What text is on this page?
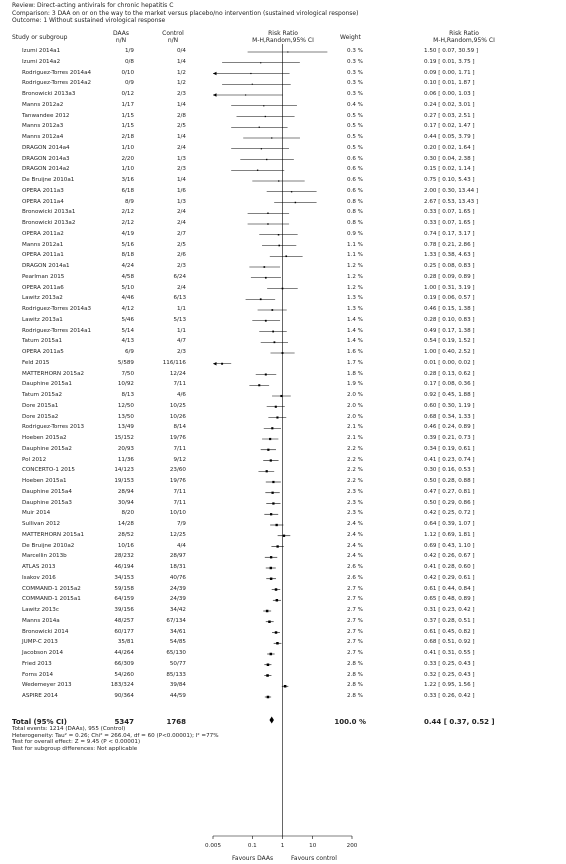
Review: Direct-acting antivirals for chronic hepatitis C
Comparison: 3 DAA on or on the way to the market versus placebo/no intervention (sustained virological response)
Outcome: 1 Without sustained virological response
Study or subgroup
DAAs
n/N
Control
n/N
Risk Ratio
M-H,Random,95% CI	Weight
Risk Ratio
M-H,Random,95% CI
Izumi 2014a1	1/9	0/4	0.3 %	1.50 [ 0.07, 30.59 ]
Izumi 2014a2	0/8	1/4	0.3 %	0.19 [ 0.01, 3.75 ]
Rodriguez-Torres 2014a4	0/10	1/2	0.3 %	0.09 [ 0.00, 1.71 ]
Rodriguez-Torres 2014a2	0/9	1/2	0.3 %	0.10 [ 0.01, 1.87 ]
Bronowicki 2013a3	0/12	2/3	0.3 %	0.06 [ 0.00, 1.03 ]
Manns 2012a2	1/17	1/4	0.4 %	0.24 [ 0.02, 3.01 ]
Tanwandee 2012	1/15	2/8	0.5 %	0.27 [ 0.03, 2.51 ]
Manns 2012a3	1/15	2/5	0.5 %	0.17 [ 0.02, 1.47 ]
Manns 2012a4	2/18	1/4	0.5 %	0.44 [ 0.05, 3.79 ]
DRAGON 2014a4	1/10	2/4	0.5 %	0.20 [ 0.02, 1.64 ]
DRAGON 2014a3	2/20	1/3	0.6 %	0.30 [ 0.04, 2.38 ]
DRAGON 2014a2	1/10	2/3	0.6 %	0.15 [ 0.02, 1.14 ]
De Bruijne 2010a1	3/16	1/4	0.6 %	0.75 [ 0.10, 5.43 ]
OPERA 2011a3	6/18	1/6	0.6 %	2.00 [ 0.30, 13.44 ]
OPERA 2011a4	8/9	1/3	0.8 %	2.67 [ 0.53, 13.43 ]
Bronowicki 2013a1	2/12	2/4	0.8 %	0.33 [ 0.07, 1.65 ]
Bronowicki 2013a2	2/12	2/4	0.8 %	0.33 [ 0.07, 1.65 ]
OPERA 2011a2	4/19	2/7	0.9 %	0.74 [ 0.17, 3.17 ]
Manns 2012a1	5/16	2/5	1.1 %	0.78 [ 0.21, 2.86 ]
OPERA 2011a1	8/18	2/6	1.1 %	1.33 [ 0.38, 4.63 ]
DRAGON 2014a1	4/24	2/3	1.2 %	0.25 [ 0.08, 0.83 ]
Pearlman 2015	4/58	6/24	1.2 %	0.28 [ 0.09, 0.89 ]
OPERA 2011a6	5/10	2/4	1.2 %	1.00 [ 0.31, 3.19 ]
Lawitz 2013a2	4/46	6/13	1.3 %	0.19 [ 0.06, 0.57 ]
Rodriguez-Torres 2014a3	4/12	1/1	1.3 %	0.46 [ 0.15, 1.38 ]
Lawitz 2013a1	5/46	5/13	1.4 %	0.28 [ 0.10, 0.83 ]
Rodriguez-Torres 2014a1	5/14	1/1	1.4 %	0.49 [ 0.17, 1.38 ]
Tatum 2015a1	4/13	4/7	1.4 %	0.54 [ 0.19, 1.52 ]
OPERA 2011a5	6/9	2/3	1.6 %	1.00 [ 0.40, 2.52 ]
Feld 2015	5/589	116/116	1.7 %	0.01 [ 0.00, 0.02 ]
MATTERHORN 2015a2	7/50	12/24	1.8 %	0.28 [ 0.13, 0.62 ]
Dauphine 2015a1	10/92	7/11	1.9 %	0.17 [ 0.08, 0.36 ]
Tatum 2015a2	8/13	4/6	2.0 %	0.92 [ 0.45, 1.88 ]
Dore 2015a1	12/50	10/25	2.0 %	0.60 [ 0.30, 1.19 ]
Dore 2015a2	13/50	10/26	2.0 %	0.68 [ 0.34, 1.33 ]
Rodriguez-Torres 2013	13/49	8/14	2.1 %	0.46 [ 0.24, 0.89 ]
Hoeben 2015a2	15/152	19/76	2.1 %	0.39 [ 0.21, 0.73 ]
Dauphine 2015a2	20/93	7/11	2.2 %	0.34 [ 0.19, 0.61 ]
Pol 2012	11/36	9/12	2.2 %	0.41 [ 0.23, 0.74 ]
CONCERTO-1 2015	14/123	23/60	2.2 %	0.30 [ 0.16, 0.53 ]
Hoeben 2015a1	19/153	19/76	2.2 %	0.50 [ 0.28, 0.88 ]
Dauphine 2015a4	28/94	7/11	2.3 %	0.47 [ 0.27, 0.81 ]
Dauphine 2015a3	30/94	7/11	2.3 %	0.50 [ 0.29, 0.86 ]
Muir 2014	8/20	10/10	2.3 %	0.42 [ 0.25, 0.72 ]
Sullivan 2012	14/28	7/9	2.4 %	0.64 [ 0.39, 1.07 ]
MATTERHORN 2015a1	28/52	12/25	2.4 %	1.12 [ 0.69, 1.81 ]
De Bruijne 2010a2	10/16	4/4	2.4 %	0.69 [ 0.43, 1.10 ]
Marcellin 2013b	28/232	28/97	2.4 %	0.42 [ 0.26, 0.67 ]
ATLAS 2013	46/194	18/31	2.6 %	0.41 [ 0.28, 0.60 ]
Isakov 2016	34/153	40/76	2.6 %	0.42 [ 0.29, 0.61 ]
COMMAND-1 2015a2	59/158	24/39	2.7 %	0.61 [ 0.44, 0.84 ]
COMMAND-1 2015a1	64/159	24/39	2.7 %	0.65 [ 0.48, 0.89 ]
Lawitz 2013c	39/156	34/42	2.7 %	0.31 [ 0.23, 0.42 ]
Manns 2014a	48/257	67/134	2.7 %	0.37 [ 0.28, 0.51 ]
Bronowicki 2014	60/177	34/61	2.7 %	0.61 [ 0.45, 0.82 ]
JUMP-C 2013	35/81	54/85	2.7 %	0.68 [ 0.51, 0.92 ]
Jacobson 2014	44/264	65/130	2.7 %	0.41 [ 0.31, 0.55 ]
Fried 2013	66/309	50/77	2.8 %	0.33 [ 0.25, 0.43 ]
Forns 2014	54/260	85/133	2.8 %	0.32 [ 0.25, 0.43 ]
Wedemeyer 2013	183/324	39/84	2.8 %	1.22 [ 0.95, 1.56 ]
ASPIRE 2014	90/364	44/59	2.8 %	0.33 [ 0.26, 0.42 ]
0.005	0.1	1	10	200
Total (95% CI)	5347	1768	100.0 %	0.44 [ 0.37, 0.52 ]
Total events: 1214 (DAAs), 955 (Control)
Heterogeneity: Tau² = 0.26; Chi² = 266.04, df = 60 (P<0.00001); I² =77%
Test for overall effect: Z = 9.45 (P < 0.00001)
Test for subgroup differences: Not applicable
Favours DAAs	Favours control
